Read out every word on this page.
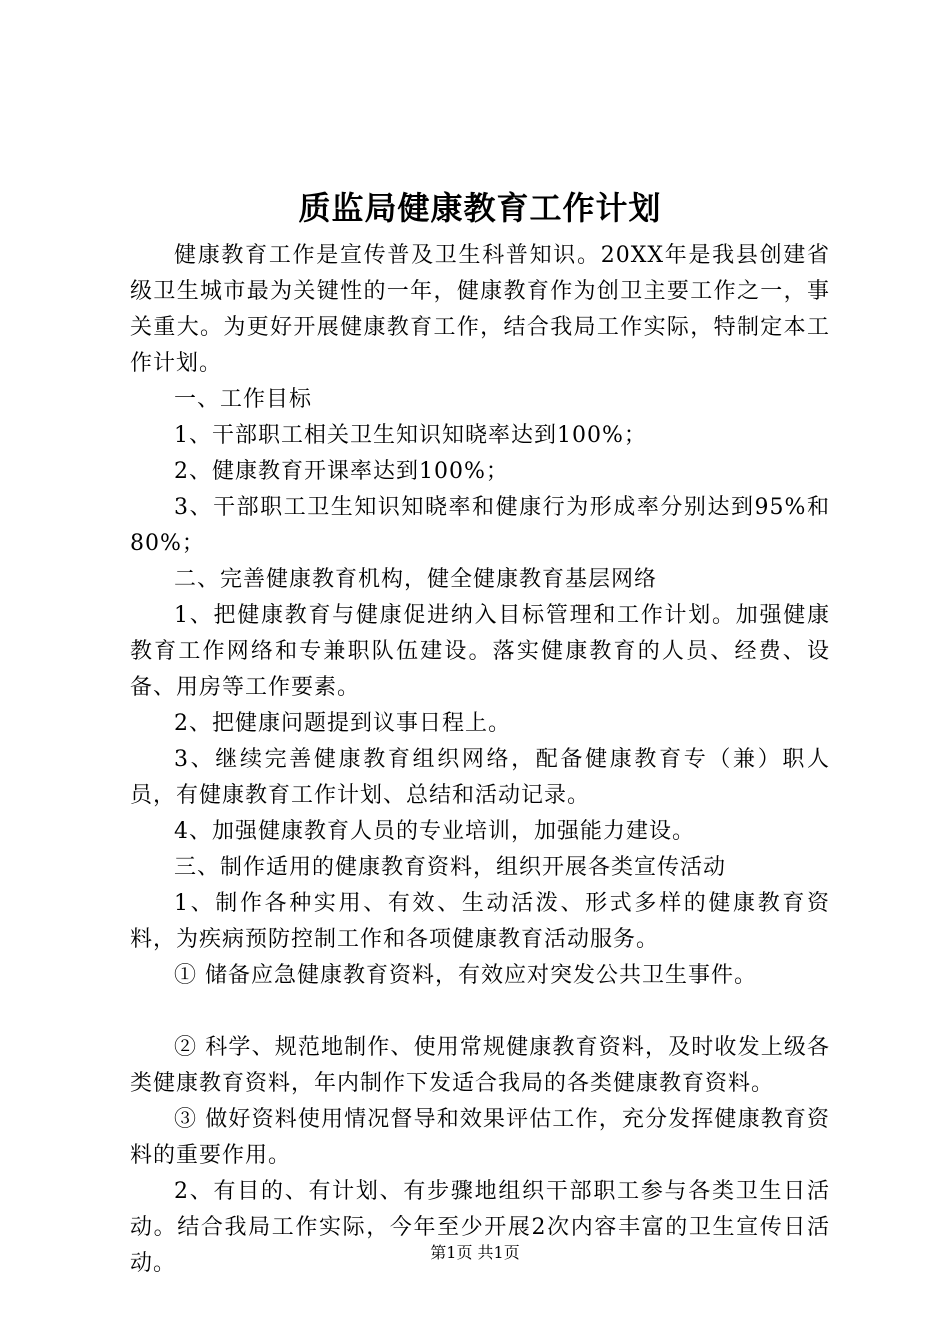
质监局健康教育工作计划

健康教育工作是宣传普及卫生科普知识。20XX年是我县创建省级卫生城市最为关键性的一年，健康教育作为创卫主要工作之一，事关重大。为更好开展健康教育工作，结合我局工作实际，特制定本工作计划。

一、工作目标

1、干部职工相关卫生知识知晓率达到100%；

2、健康教育开课率达到100%；

3、干部职工卫生知识知晓率和健康行为形成率分别达到95%和80%；

二、完善健康教育机构，健全健康教育基层网络

1、把健康教育与健康促进纳入目标管理和工作计划。加强健康教育工作网络和专兼职队伍建设。落实健康教育的人员、经费、设备、用房等工作要素。

2、把健康问题提到议事日程上。

3、继续完善健康教育组织网络，配备健康教育专（兼）职人员，有健康教育工作计划、总结和活动记录。

4、加强健康教育人员的专业培训，加强能力建设。

三、制作适用的健康教育资料，组织开展各类宣传活动

1、制作各种实用、有效、生动活泼、形式多样的健康教育资料，为疾病预防控制工作和各项健康教育活动服务。

① 储备应急健康教育资料，有效应对突发公共卫生事件。

② 科学、规范地制作、使用常规健康教育资料，及时收发上级各类健康教育资料，年内制作下发适合我局的各类健康教育资料。

③ 做好资料使用情况督导和效果评估工作，充分发挥健康教育资料的重要作用。

2、有目的、有计划、有步骤地组织干部职工参与各类卫生日活动。结合我局工作实际，今年至少开展2次内容丰富的卫生宣传日活动。	第1页 共1页
